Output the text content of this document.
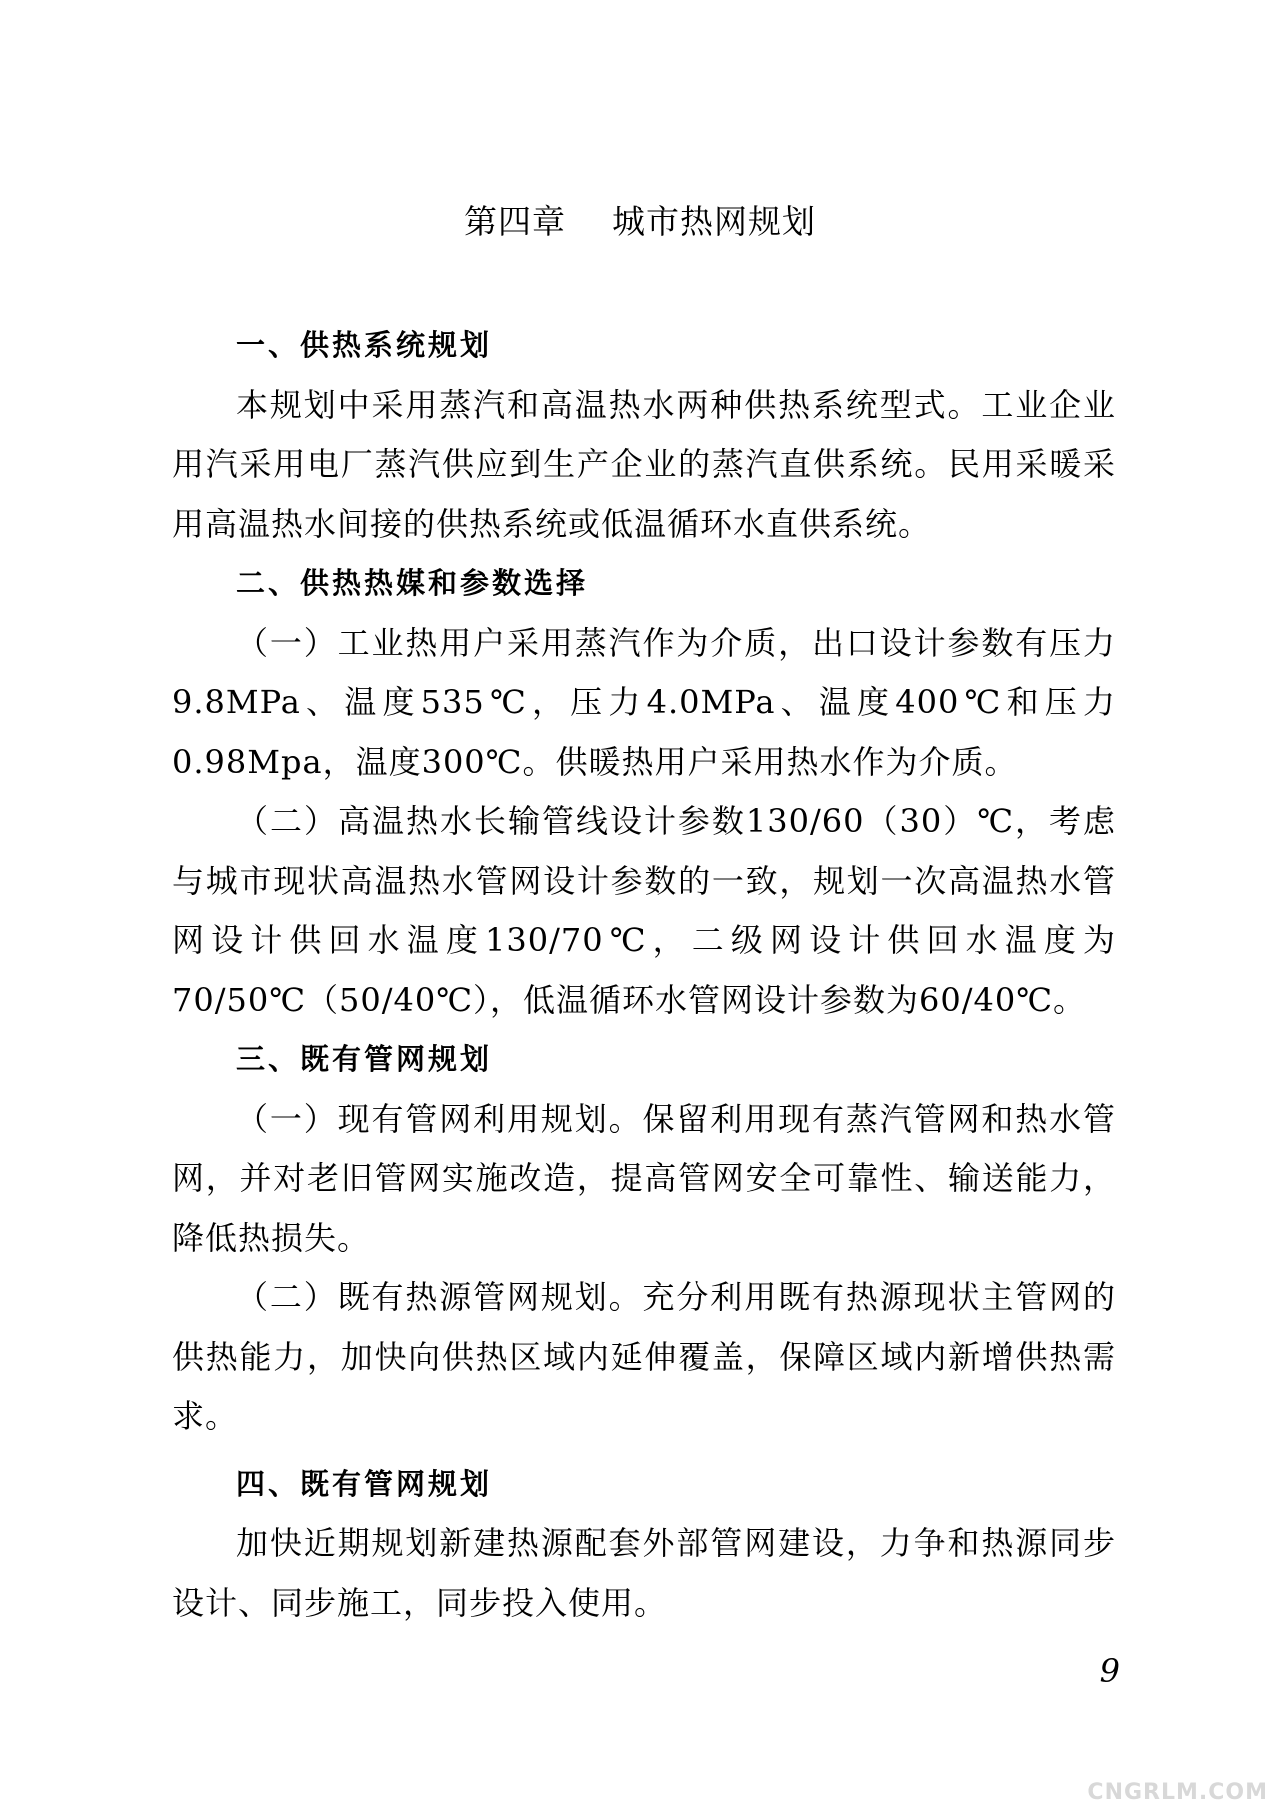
第四章    城市热网规划
一、供热系统规划

本规划中采用蒸汽和高温热水两种供热系统型式。工业企业用汽采用电厂蒸汽供应到生产企业的蒸汽直供系统。民用采暖采用高温热水间接的供热系统或低温循环水直供系统。

二、供热热媒和参数选择

（一）工业热用户采用蒸汽作为介质，出口设计参数有压力9.8MPa、温度535℃，压力4.0MPa、温度400℃和压力0.98Mpa，温度300℃。供暖热用户采用热水作为介质。

（二）高温热水长输管线设计参数130/60（30）℃，考虑与城市现状高温热水管网设计参数的一致，规划一次高温热水管网设计供回水温度130/70℃，二级网设计供回水温度为70/50℃（50/40℃），低温循环水管网设计参数为60/40℃。

三、既有管网规划

（一）现有管网利用规划。保留利用现有蒸汽管网和热水管网，并对老旧管网实施改造，提高管网安全可靠性、输送能力，降低热损失。

（二）既有热源管网规划。充分利用既有热源现状主管网的供热能力，加快向供热区域内延伸覆盖，保障区域内新增供热需求。

四、既有管网规划

加快近期规划新建热源配套外部管网建设，力争和热源同步设计、同步施工，同步投入使用。

9
CNGRLM.COM
